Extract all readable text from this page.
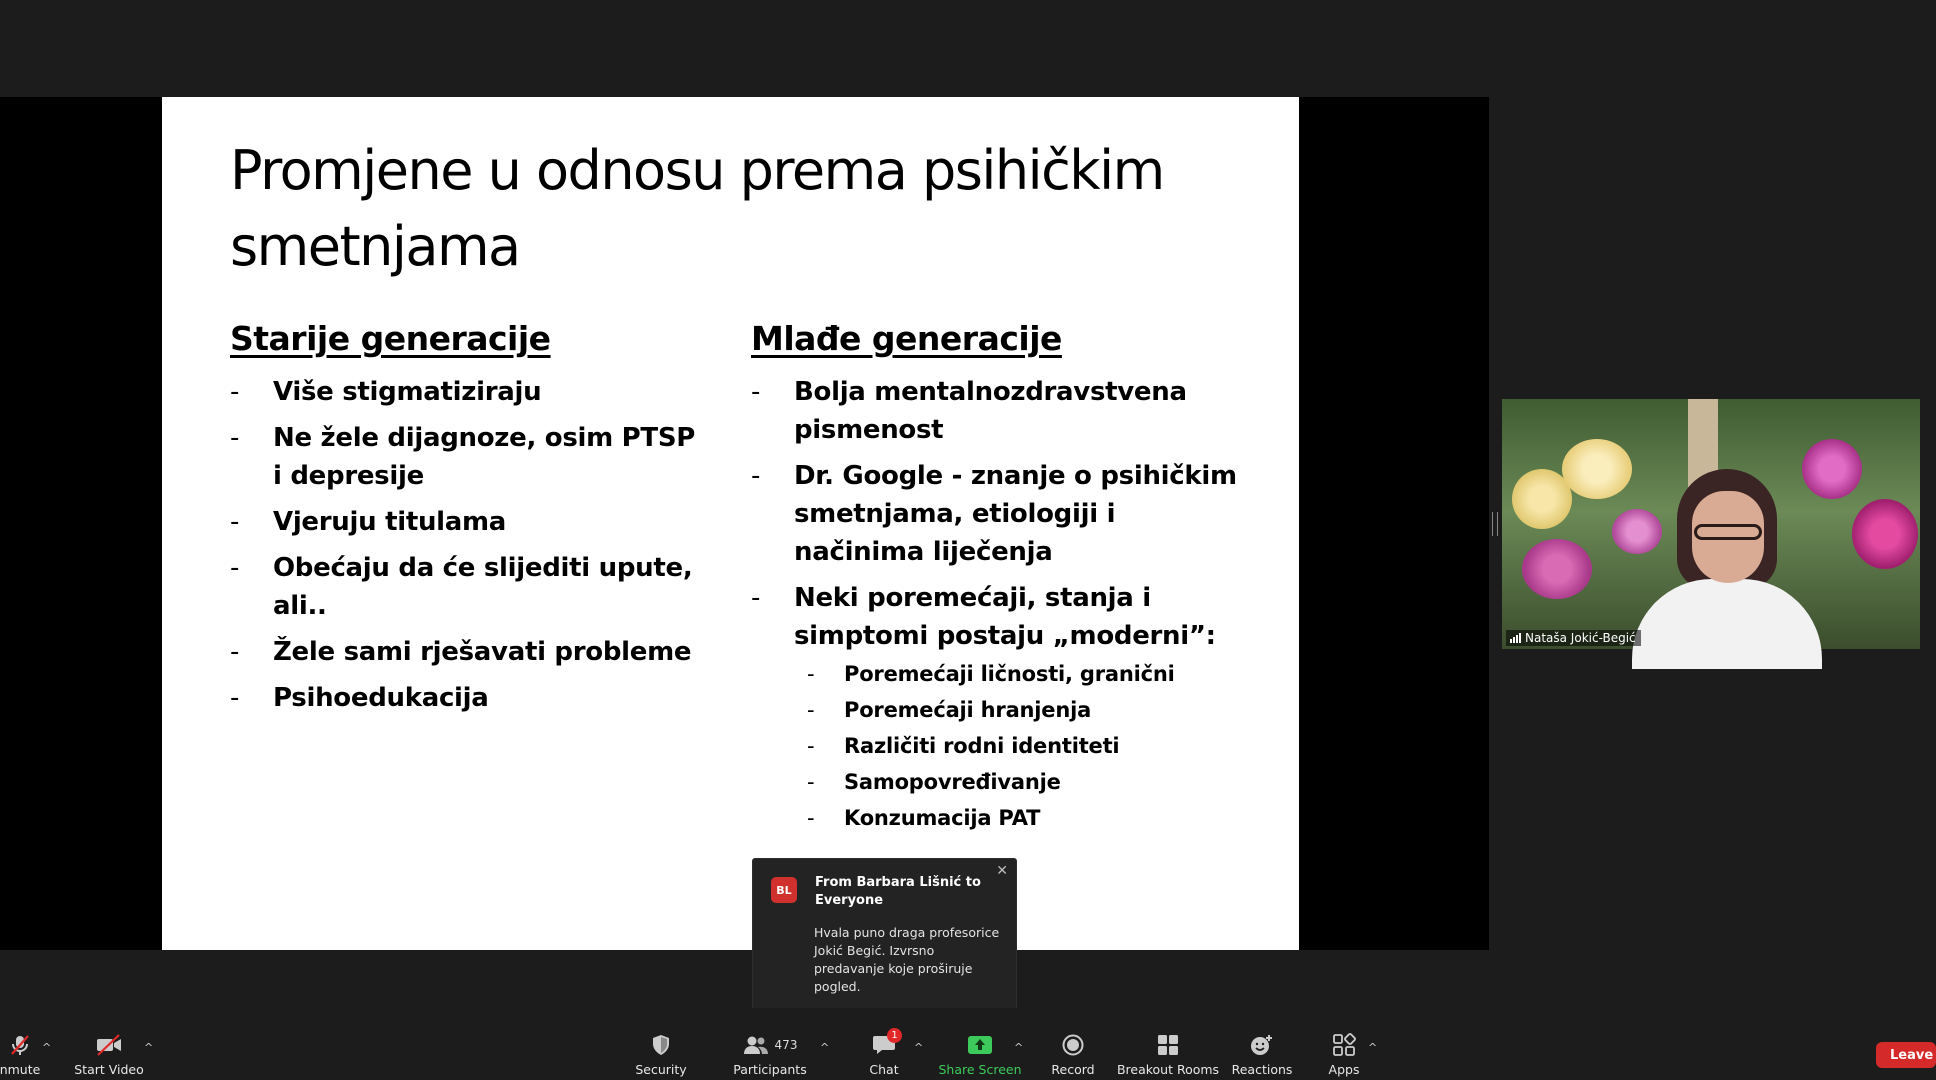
Promjene u odnosu prema psihičkim smetnjama
Starije generacije
- Više stigmatiziraju
- Ne žele dijagnoze, osim PTSP i depresije
- Vjeruju titulama
- Obećaju da će slijediti upute, ali..
- Žele sami rješavati probleme
- Psihoedukacija
Mlađe generacije
- Bolja mentalnozdravstvena pismenost
- Dr. Google - znanje o psihičkim smetnjama, etiologiji i načinima liječenja
- Neki poremećaji, stanja i simptomi postaju „moderni”:
- Poremećaji ličnosti, granični
- Poremećaji hranjenja
- Različiti rodni identiteti
- Samopovređivanje
- Konzumacija PAT
Nataša Jokić-Begić
BL	From Barbara Lišnić to Everyone
Hvala puno draga profesorice Jokić Begić. Izvrsno predavanje koje proširuje pogled.
✕
nmute
^
Start Video
^
Security
473
Participants
^
1
Chat
^
Share Screen
^
Record Breakout Rooms Reactions	Apps
^	Leave
